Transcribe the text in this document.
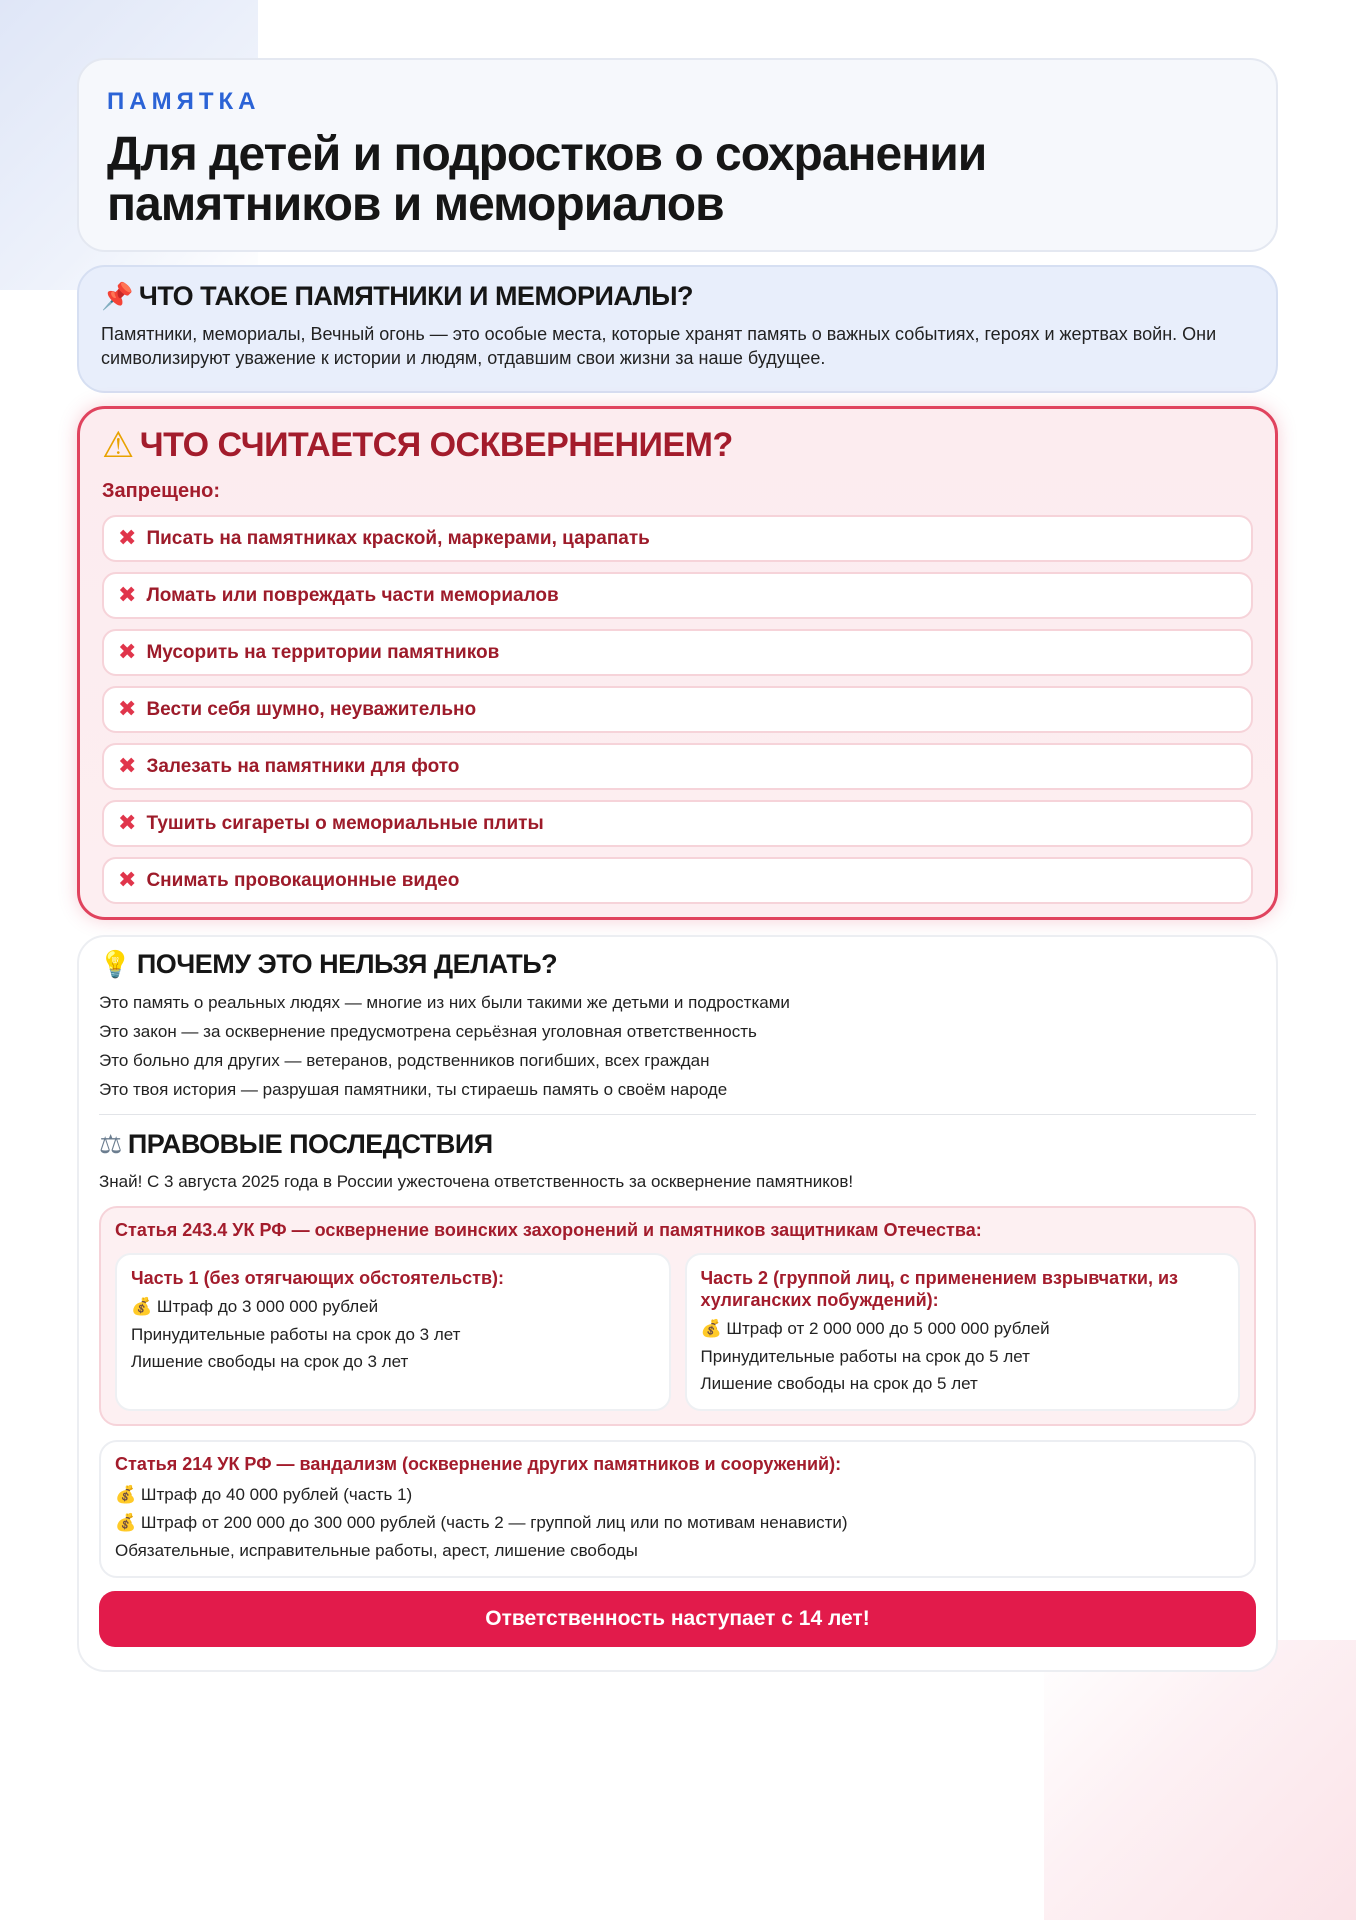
ПАМЯТКА
Для детей и подростков о сохранении
памятников и мемориалов
📌 ЧТО ТАКОЕ ПАМЯТНИКИ И МЕМОРИАЛЫ?

Памятники, мемориалы, Вечный огонь — это особые места, которые хранят память о важных событиях, героях и жертвах войн. Они символизируют уважение к истории и людям, отдавшим свои жизни за наше будущее.

⚠ ЧТО СЧИТАЕТСЯ ОСКВЕРНЕНИЕМ?
Запрещено:
✖ Писать на памятниках краской, маркерами, царапать
✖ Ломать или повреждать части мемориалов
✖ Мусорить на территории памятников
✖ Вести себя шумно, неуважительно
✖ Залезать на памятники для фото
✖ Тушить сигареты о мемориальные плиты
✖ Снимать провокационные видео
💡 ПОЧЕМУ ЭТО НЕЛЬЗЯ ДЕЛАТЬ?
Это память о реальных людях — многие из них были такими же детьми и подростками
Это закон — за осквернение предусмотрена серьёзная уголовная ответственность
Это больно для других — ветеранов, родственников погибших, всех граждан
Это твоя история — разрушая памятники, ты стираешь память о своём народе
⚖ ПРАВОВЫЕ ПОСЛЕДСТВИЯ
Знай! С 3 августа 2025 года в России ужесточена ответственность за осквернение памятников!
Статья 243.4 УК РФ — осквернение воинских захоронений и памятников защитникам Отечества:
Часть 1 (без отягчающих обстоятельств):
💰 Штраф до 3 000 000 рублей
Принудительные работы на срок до 3 лет
Лишение свободы на срок до 3 лет
Часть 2 (группой лиц, с применением взрывчатки, из хулиганских побуждений):
💰 Штраф от 2 000 000 до 5 000 000 рублей
Принудительные работы на срок до 5 лет
Лишение свободы на срок до 5 лет
Статья 214 УК РФ — вандализм (осквернение других памятников и сооружений):
💰 Штраф до 40 000 рублей (часть 1)
💰 Штраф от 200 000 до 300 000 рублей (часть 2 — группой лиц или по мотивам ненависти)
Обязательные, исправительные работы, арест, лишение свободы
Ответственность наступает с 14 лет!
